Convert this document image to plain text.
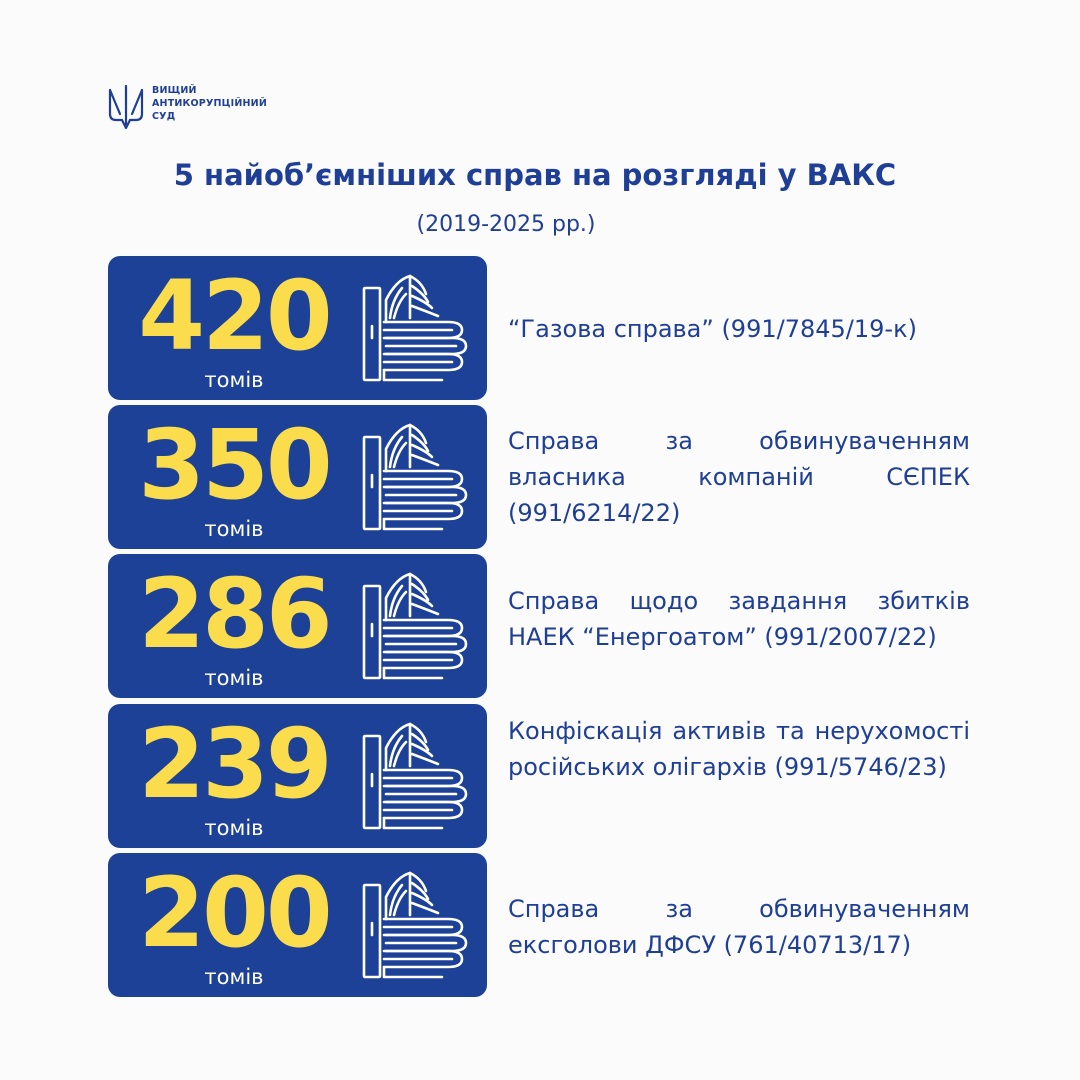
ВИЩИЙ
АНТИКОРУПЦІЙНИЙ
СУД
5 найоб’ємніших справ на розгляді у ВАКС
(2019-2025 рр.)
420
томів
“Газова справа” (991/7845/19-к)
350
томів
Справа за обвинуваченням власника компаній СЄПЕК (991/6214/22)
286
томів
Справа щодо завдання збитків НАЕК “Енергоатом” (991/2007/22)
239
томів
Конфіскація активів та нерухомості російських олігархів (991/5746/23)
200
томів
Справа за обвинуваченням ексголови ДФСУ (761/40713/17)
